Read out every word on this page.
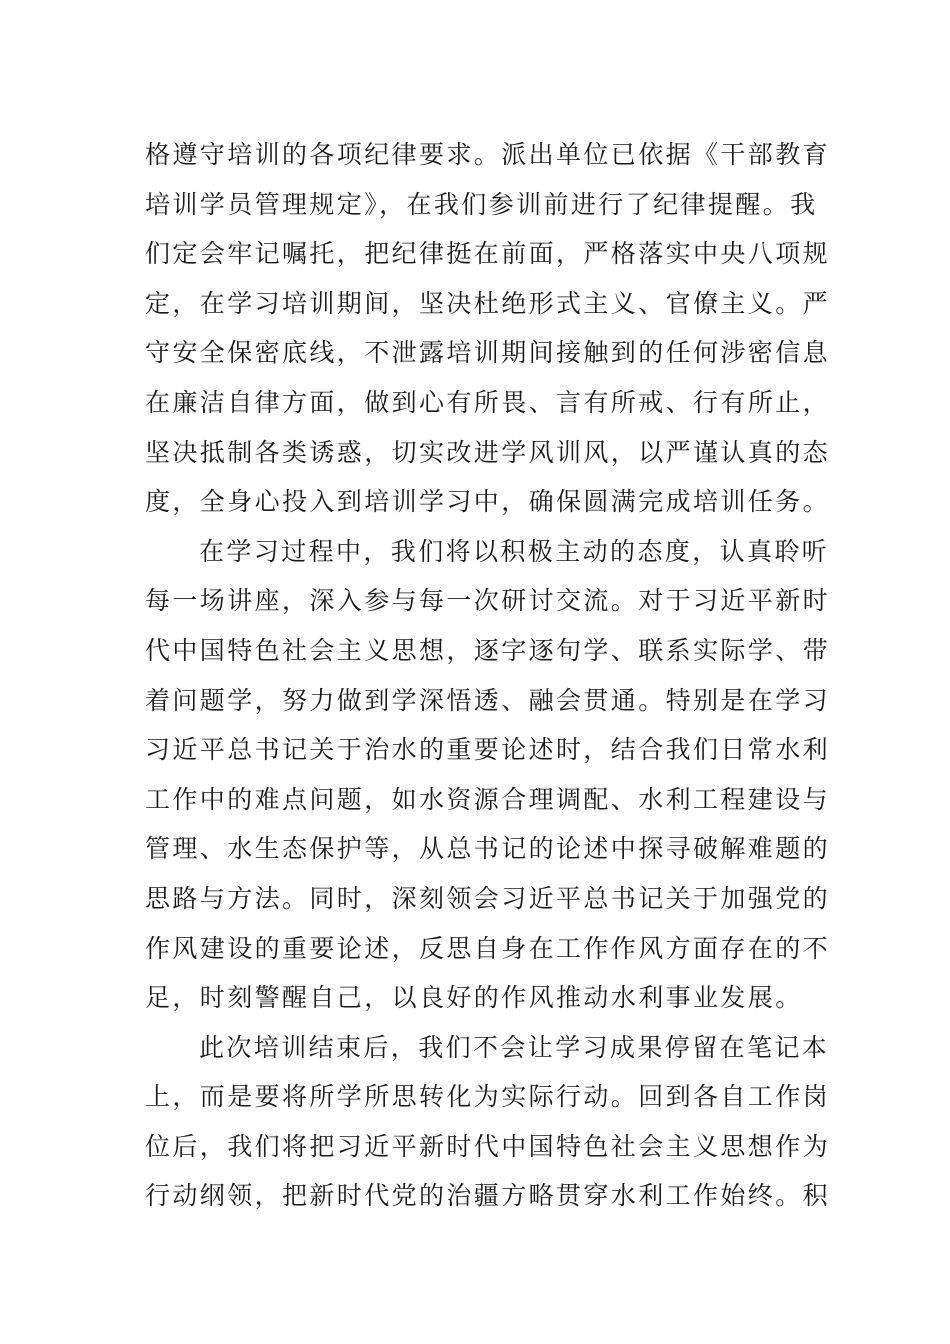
格遵守培训的各项纪律要求。派出单位已依据《干部教育
培训学员管理规定》，在我们参训前进行了纪律提醒。我
们定会牢记嘱托，把纪律挺在前面，严格落实中央八项规
定，在学习培训期间，坚决杜绝形式主义、官僚主义。严
守安全保密底线，不泄露培训期间接触到的任何涉密信息
在廉洁自律方面，做到心有所畏、言有所戒、行有所止，
坚决抵制各类诱惑，切实改进学风训风，以严谨认真的态
度，全身心投入到培训学习中，确保圆满完成培训任务。
在学习过程中，我们将以积极主动的态度，认真聆听
每一场讲座，深入参与每一次研讨交流。对于习近平新时
代中国特色社会主义思想，逐字逐句学、联系实际学、带
着问题学，努力做到学深悟透、融会贯通。特别是在学习
习近平总书记关于治水的重要论述时，结合我们日常水利
工作中的难点问题，如水资源合理调配、水利工程建设与
管理、水生态保护等，从总书记的论述中探寻破解难题的
思路与方法。同时，深刻领会习近平总书记关于加强党的
作风建设的重要论述，反思自身在工作作风方面存在的不
足，时刻警醒自己，以良好的作风推动水利事业发展。
此次培训结束后，我们不会让学习成果停留在笔记本
上，而是要将所学所思转化为实际行动。回到各自工作岗
位后，我们将把习近平新时代中国特色社会主义思想作为
行动纲领，把新时代党的治疆方略贯穿水利工作始终。积
